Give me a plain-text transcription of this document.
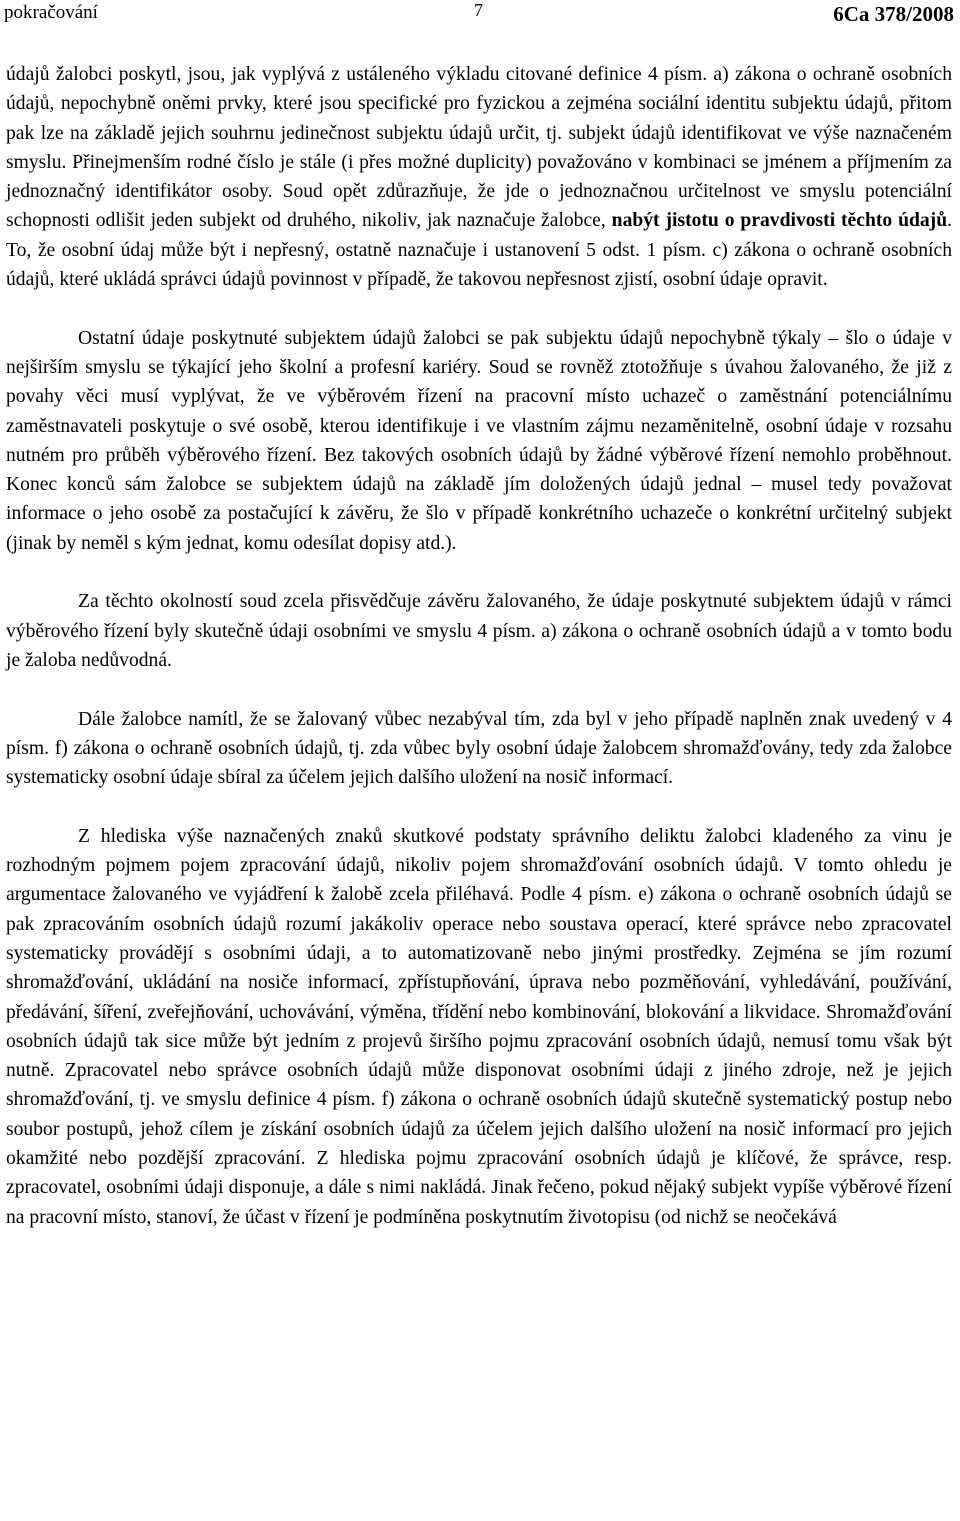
pokračování	7	6Ca 378/2008

údajů žalobci poskytl, jsou, jak vyplývá z ustáleného výkladu citované definice 4 písm. a) zákona o ochraně osobních údajů, nepochybně oněmi prvky, které jsou specifické pro fyzickou a zejména sociální identitu subjektu údajů, přitom pak lze na základě jejich souhrnu jedinečnost subjektu údajů určit, tj. subjekt údajů identifikovat ve výše naznačeném smyslu. Přinejmenším rodné číslo je stále (i přes možné duplicity) považováno v kombinaci se jménem a příjmením za jednoznačný identifikátor osoby. Soud opět zdůrazňuje, že jde o jednoznačnou určitelnost ve smyslu potenciální schopnosti odlišit jeden subjekt od druhého, nikoliv, jak naznačuje žalobce, nabýt jistotu o pravdivosti těchto údajů. To, že osobní údaj může být i nepřesný, ostatně naznačuje i ustanovení 5 odst. 1 písm. c) zákona o ochraně osobních údajů, které ukládá správci údajů povinnost v případě, že takovou nepřesnost zjistí, osobní údaje opravit.

Ostatní údaje poskytnuté subjektem údajů žalobci se pak subjektu údajů nepochybně týkaly – šlo o údaje v nejširším smyslu se týkající jeho školní a profesní kariéry. Soud se rovněž ztotožňuje s úvahou žalovaného, že již z povahy věci musí vyplývat, že ve výběrovém řízení na pracovní místo uchazeč o zaměstnání potenciálnímu zaměstnavateli poskytuje o své osobě, kterou identifikuje i ve vlastním zájmu nezaměnitelně, osobní údaje v rozsahu nutném pro průběh výběrového řízení. Bez takových osobních údajů by žádné výběrové řízení nemohlo proběhnout. Konec konců sám žalobce se subjektem údajů na základě jím doložených údajů jednal – musel tedy považovat informace o jeho osobě za postačující k závěru, že šlo v případě konkrétního uchazeče o konkrétní určitelný subjekt (jinak by neměl s kým jednat, komu odesílat dopisy atd.).

Za těchto okolností soud zcela přisvědčuje závěru žalovaného, že údaje poskytnuté subjektem údajů v rámci výběrového řízení byly skutečně údaji osobními ve smyslu 4 písm. a) zákona o ochraně osobních údajů a v tomto bodu je žaloba nedůvodná.

Dále žalobce namítl, že se žalovaný vůbec nezabýval tím, zda byl v jeho případě naplněn znak uvedený v 4 písm. f) zákona o ochraně osobních údajů, tj. zda vůbec byly osobní údaje žalobcem shromažďovány, tedy zda žalobce systematicky osobní údaje sbíral za účelem jejich dalšího uložení na nosič informací.

Z hlediska výše naznačených znaků skutkové podstaty správního deliktu žalobci kladeného za vinu je rozhodným pojmem pojem zpracování údajů, nikoliv pojem shromažďování osobních údajů. V tomto ohledu je argumentace žalovaného ve vyjádření k žalobě zcela přiléhavá. Podle 4 písm. e) zákona o ochraně osobních údajů se pak zpracováním osobních údajů rozumí jakákoliv operace nebo soustava operací, které správce nebo zpracovatel systematicky provádějí s osobními údaji, a to automatizovaně nebo jinými prostředky. Zejména se jím rozumí shromažďování, ukládání na nosiče informací, zpřístupňování, úprava nebo pozměňování, vyhledávání, používání, předávání, šíření, zveřejňování, uchovávání, výměna, třídění nebo kombinování, blokování a likvidace. Shromažďování osobních údajů tak sice může být jedním z projevů širšího pojmu zpracování osobních údajů, nemusí tomu však být nutně. Zpracovatel nebo správce osobních údajů může disponovat osobními údaji z jiného zdroje, než je jejich shromažďování, tj. ve smyslu definice 4 písm. f) zákona o ochraně osobních údajů skutečně systematický postup nebo soubor postupů, jehož cílem je získání osobních údajů za účelem jejich dalšího uložení na nosič informací pro jejich okamžité nebo pozdější zpracování. Z hlediska pojmu zpracování osobních údajů je klíčové, že správce, resp. zpracovatel, osobními údaji disponuje, a dále s nimi nakládá. Jinak řečeno, pokud nějaký subjekt vypíše výběrové řízení na pracovní místo, stanoví, že účast v řízení je podmíněna poskytnutím životopisu (od nichž se neočekává
